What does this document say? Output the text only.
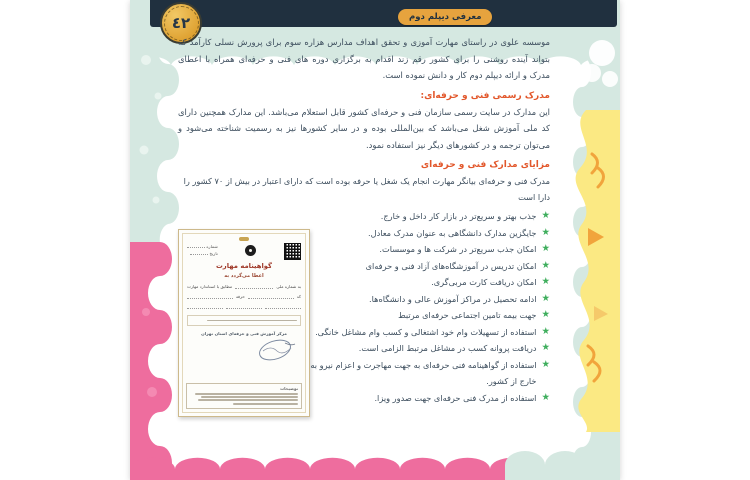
٤٢	معرفی دیپلم دوم

موسسه علوی در راستای مهارت آموزی و تحقق اهداف مدارس هزاره سوم برای پرورش نسلی کارآمد که بتواند آینده روشنی را برای کشور رقم زند اقدام به برگزاری دوره های فنی و حرفه‌ای همراه با اعطای مدرک و ارائه دیپلم دوم کار و دانش نموده است.

مدرک رسمی فنی و حرفه‌ای:

این مدارک در سایت رسمی سازمان فنی و حرفه‌ای کشور قابل استعلام می‌باشد. این مدارک همچنین دارای کد ملی آموزش شغل می‌باشد که بین‌المللی بوده و در سایر کشورها نیز به رسمیت شناخته می‌شود و می‌توان ترجمه و در کشورهای دیگر نیز استفاده نمود.

مزایای مدارک فنی و حرفه‌ای

مدرک فنی و حرفه‌ای بیانگر مهارت انجام یک شغل یا حرفه بوده است که دارای اعتبار در بیش از ۷۰ کشور را دارا است

★
جذب بهتر و سریع‌تر در بازار کار داخل و خارج.
★
جایگزین مدارک دانشگاهی به عنوان مدرک معادل.
★
امکان جذب سریع‌تر در شرکت ها و موسسات.
★
امکان تدریس در آموزشگاه‌های آزاد فنی و حرفه‌ای
★
امکان دریافت کارت مربی‌گری.
★
ادامه تحصیل در مراکز آموزش عالی و دانشگاه‌ها.
★
جهت بیمه تامین اجتماعی حرفه‌ای مرتبط
★
استفاده از تسهیلات وام خود اشتغالی و کسب وام مشاغل خانگی.
★
دریافت پروانه کسب در مشاغل مرتبط الزامی است.
★
استفاده از گواهینامه فنی حرفه‌ای به جهت مهاجرت و اعزام نیرو به خارج از کشور.
★
استفاده از مدرک فنی حرفه‌ای جهت صدور ویزا.
شماره
تاریخ
گواهینامه مهارت
اعطا می‌گردد به
به شماره ملی
مطابق با استاندارد مهارت
کد
حرفه
مرکز آموزش فنی و حرفه‌ای استان تهران
توضیحات
